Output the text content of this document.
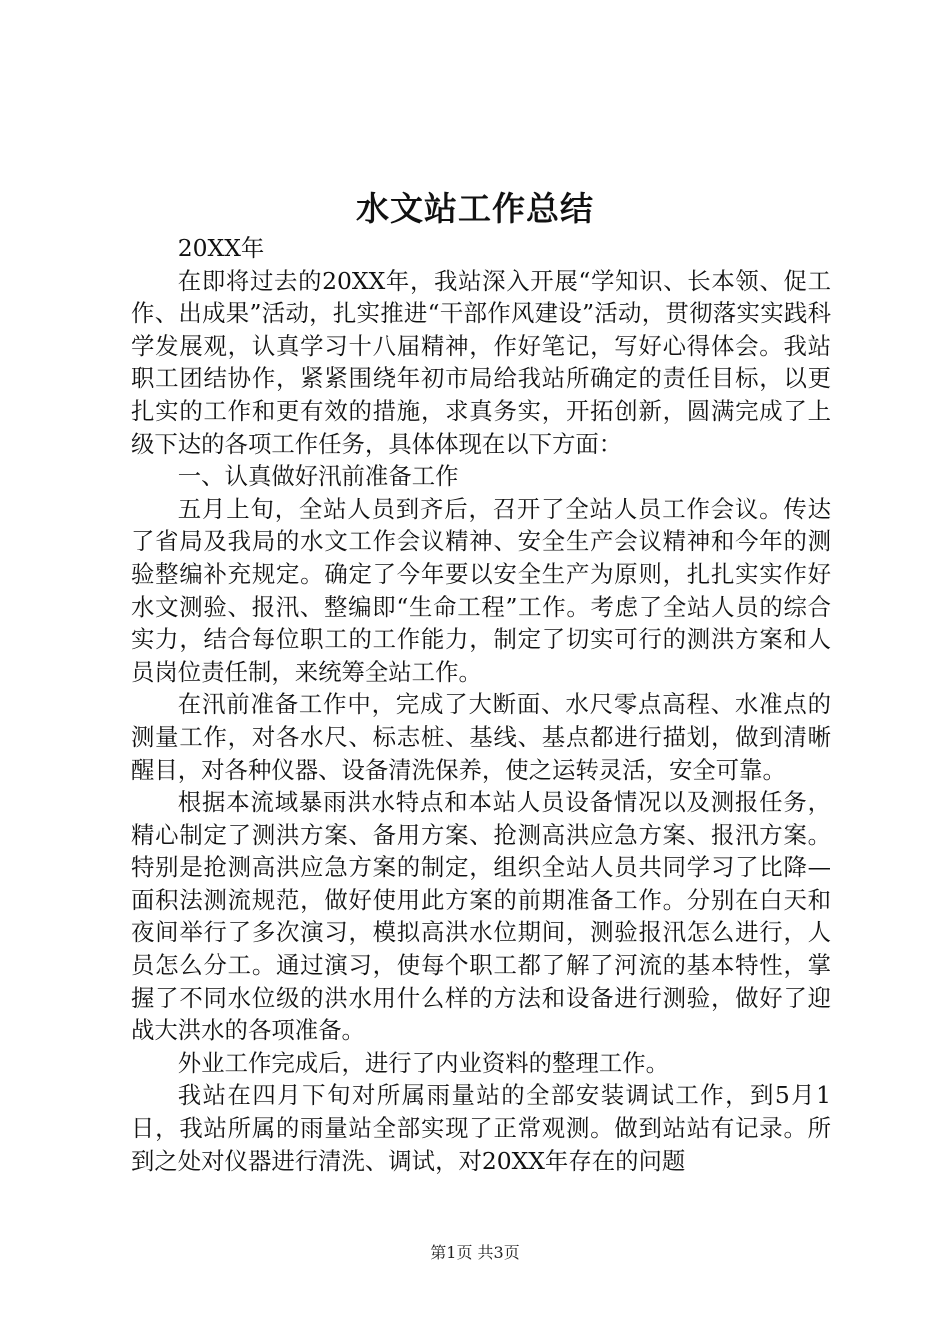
水文站工作总结

20XX年

在即将过去的20XX年，我站深入开展“学知识、长本领、促工作、出成果”活动，扎实推进“干部作风建设”活动，贯彻落实实践科学发展观，认真学习十八届精神，作好笔记，写好心得体会。我站职工团结协作，紧紧围绕年初市局给我站所确定的责任目标，以更扎实的工作和更有效的措施，求真务实，开拓创新，圆满完成了上级下达的各项工作任务，具体体现在以下方面：

一、认真做好汛前准备工作

五月上旬，全站人员到齐后，召开了全站人员工作会议。传达了省局及我局的水文工作会议精神、安全生产会议精神和今年的测验整编补充规定。确定了今年要以安全生产为原则，扎扎实实作好水文测验、报汛、整编即“生命工程”工作。考虑了全站人员的综合实力，结合每位职工的工作能力，制定了切实可行的测洪方案和人员岗位责任制，来统筹全站工作。

在汛前准备工作中，完成了大断面、水尺零点高程、水准点的测量工作，对各水尺、标志桩、基线、基点都进行描划，做到清晰醒目，对各种仪器、设备清洗保养，使之运转灵活，安全可靠。

根据本流域暴雨洪水特点和本站人员设备情况以及测报任务，精心制定了测洪方案、备用方案、抢测高洪应急方案、报汛方案。特别是抢测高洪应急方案的制定，组织全站人员共同学习了比降—面积法测流规范，做好使用此方案的前期准备工作。分别在白天和夜间举行了多次演习，模拟高洪水位期间，测验报汛怎么进行，人员怎么分工。通过演习，使每个职工都了解了河流的基本特性，掌握了不同水位级的洪水用什么样的方法和设备进行测验，做好了迎战大洪水的各项准备。

外业工作完成后，进行了内业资料的整理工作。

我站在四月下旬对所属雨量站的全部安装调试工作，到5月1日，我站所属的雨量站全部实现了正常观测。做到站站有记录。所到之处对仪器进行清洗、调试，对20XX年存在的问题

第1页 共3页
